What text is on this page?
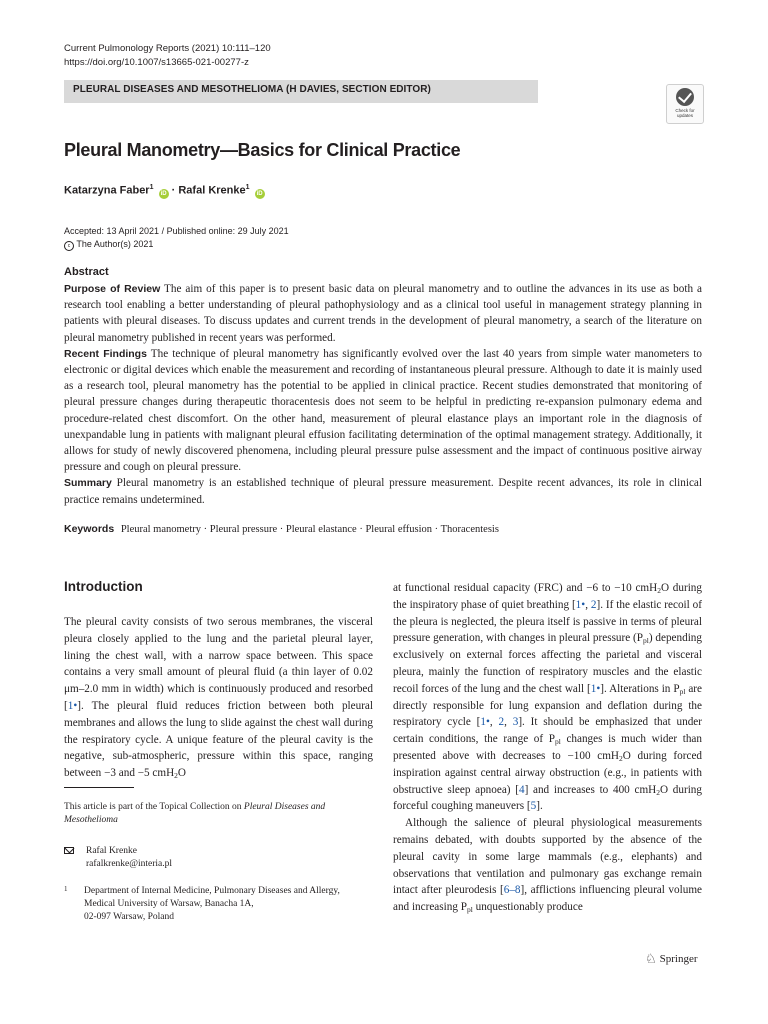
Current Pulmonology Reports (2021) 10:111–120
https://doi.org/10.1007/s13665-021-00277-z
PLEURAL DISEASES AND MESOTHELIOMA (H DAVIES, SECTION EDITOR)
Check for updates
Pleural Manometry—Basics for Clinical Practice
Katarzyna Faber$^1$ iD · Rafal Krenke$^1$ iD
Accepted: 13 April 2021 / Published online: 29 July 2021
c The Author(s) 2021
Abstract

Purpose of Review The aim of this paper is to present basic data on pleural manometry and to outline the advances in its use as both a research tool enabling a better understanding of pleural pathophysiology and as a clinical tool useful in management strategy planning in patients with pleural diseases. To discuss updates and current trends in the development of pleural manometry, a search of the literature on pleural manometry published in recent years was performed.

Recent Findings The technique of pleural manometry has significantly evolved over the last 40 years from simple water manometers to electronic or digital devices which enable the measurement and recording of instantaneous pleural pressure. Although to date it is mainly used as a research tool, pleural manometry has the potential to be applied in clinical practice. Recent studies demonstrated that monitoring of pleural pressure changes during therapeutic thoracentesis does not seem to be helpful in predicting re-expansion pulmonary edema and procedure-related chest discomfort. On the other hand, measurement of pleural elastance plays an important role in the diagnosis of unexpandable lung in patients with malignant pleural effusion facilitating determination of the optimal management strategy. Additionally, it allows for study of newly discovered phenomena, including pleural pressure pulse assessment and the impact of continuous positive airway pressure and cough on pleural pressure.

Summary Pleural manometry is an established technique of pleural pressure measurement. Despite recent advances, its role in clinical practice remains undetermined.

Keywords Pleural manometry · Pleural pressure · Pleural elastance · Pleural effusion · Thoracentesis
Introduction

The pleural cavity consists of two serous membranes, the visceral pleura closely applied to the lung and the parietal pleural layer, lining the chest wall, with a narrow space between. This space contains a very small amount of pleural fluid (a thin layer of 0.02 μm–2.0 mm in width) which is continuously produced and resorbed [1•]. The pleural fluid reduces friction between both pleural membranes and allows the lung to slide against the chest wall during the respiratory cycle. A unique feature of the pleural cavity is the negative, sub-atmospheric, pressure within this space, ranging between −3 and −5 cmH$_2$O

at functional residual capacity (FRC) and −6 to −10 cmH$_2$O during the inspiratory phase of quiet breathing [1•, 2]. If the elastic recoil of the pleura is neglected, the pleura itself is passive in terms of pleural pressure generation, with changes in pleural pressure $(P_{pl})$ depending exclusively on external forces affecting the parietal and visceral pleura, mainly the function of respiratory muscles and the elastic recoil forces of the lung and the chest wall [1•]. Alterations in $P_{pl}$ are directly responsible for lung expansion and deflation during the respiratory cycle [1•, 2, 3]. It should be emphasized that under certain conditions, the range of $P_{pl}$ changes is much wider than presented above with decreases to −100 cmH$_2$O during forced inspiration against central airway obstruction (e.g., in patients with obstructive sleep apnoea) [4] and increases to 400 cmH$_2$O during forceful coughing maneuvers [5].

Although the salience of pleural physiological measurements remains debated, with doubts supported by the absence of the pleural cavity in some large mammals (e.g., elephants) and observations that ventilation and pulmonary gas exchange remain intact after pleurodesis [6–8], afflictions influencing pleural volume and increasing $P_{pl}$ unquestionably produce

This article is part of the Topical Collection on Pleural Diseases and Mesothelioma
Rafal Krenke
rafalkrenke@interia.pl
1 Department of Internal Medicine, Pulmonary Diseases and Allergy,
Medical University of Warsaw, Banacha 1A,
02-097 Warsaw, Poland
♘ Springer
